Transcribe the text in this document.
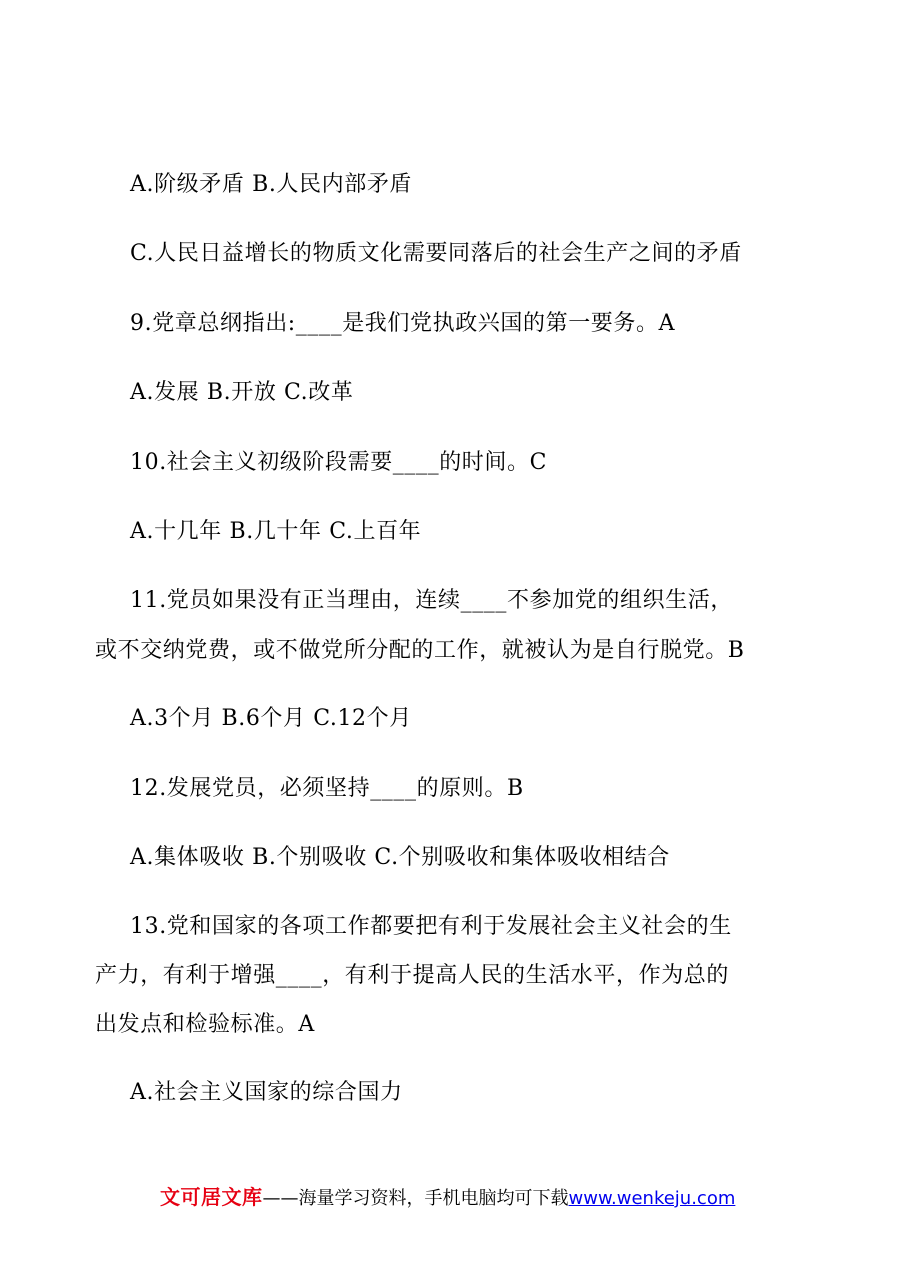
A.阶级矛盾 B.人民内部矛盾
C.人民日益增长的物质文化需要同落后的社会生产之间的矛盾
9.党章总纲指出:____是我们党执政兴国的第一要务。A
A.发展 B.开放 C.改革
10.社会主义初级阶段需要____的时间。C
A.十几年 B.几十年 C.上百年
11.党员如果没有正当理由，连续____不参加党的组织生活，
或不交纳党费，或不做党所分配的工作，就被认为是自行脱党。B
A.3个月 B.6个月 C.12个月
12.发展党员，必须坚持____的原则。B
A.集体吸收 B.个别吸收 C.个别吸收和集体吸收相结合
13.党和国家的各项工作都要把有利于发展社会主义社会的生
产力，有利于增强____，有利于提高人民的生活水平，作为总的
出发点和检验标准。A
A.社会主义国家的综合国力
文可居文库——海量学习资料，手机电脑均可下载www.wenkeju.com
